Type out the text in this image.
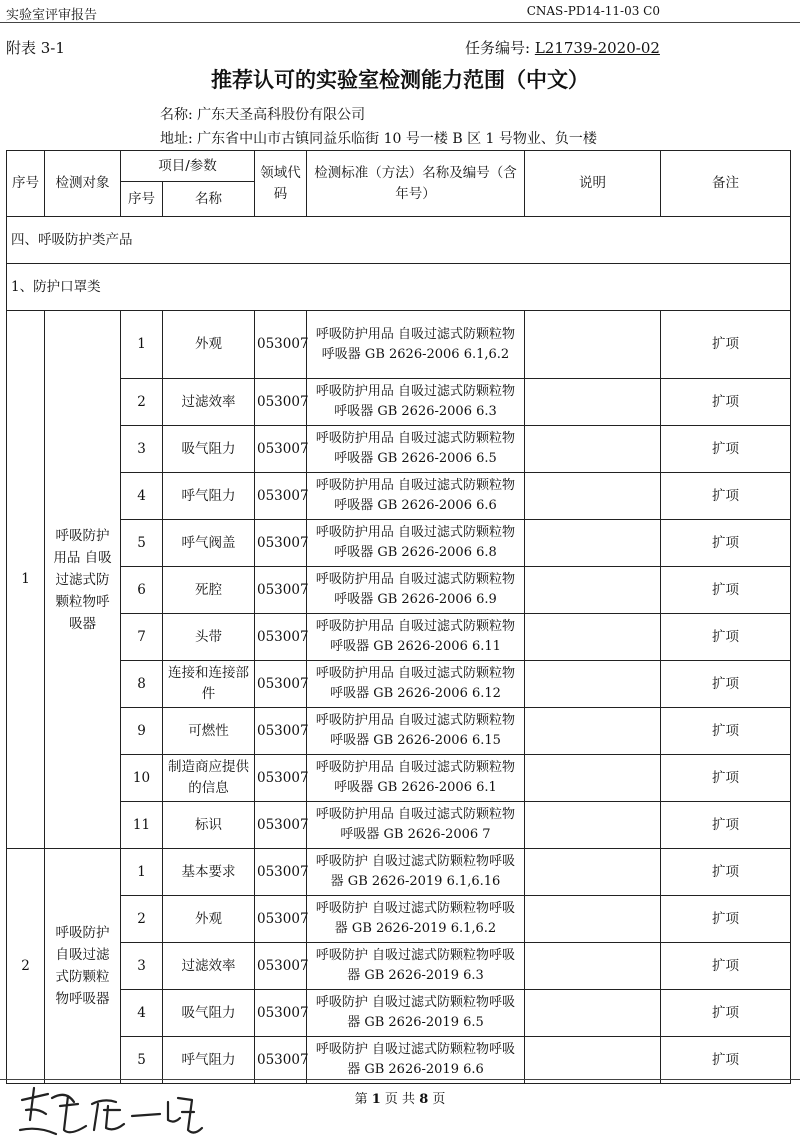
实验室评审报告	CNAS-PD14-11-03 C0
附表 3-1	任务编号: L21739-2020-02
推荐认可的实验室检测能力范围（中文）
名称: 广东天圣高科股份有限公司
地址: 广东省中山市古镇同益乐临街 10 号一楼 B 区 1 号物业、负一楼
序号	检测对象	项目/参数		领域代码	检测标准（方法）名称及编号（含年号）	说明	备注
		序号	名称				
四、呼吸防护类产品							
1、防护口罩类							
1	呼吸防护用品 自吸过滤式防颗粒物呼吸器	1	外观	053007	呼吸防护用品 自吸过滤式防颗粒物呼吸器 GB 2626-2006 6.1,6.2		扩项
		2	过滤效率	053007	呼吸防护用品 自吸过滤式防颗粒物呼吸器 GB 2626-2006 6.3		扩项
		3	吸气阻力	053007	呼吸防护用品 自吸过滤式防颗粒物呼吸器 GB 2626-2006 6.5		扩项
		4	呼气阻力	053007	呼吸防护用品 自吸过滤式防颗粒物呼吸器 GB 2626-2006 6.6		扩项
		5	呼气阀盖	053007	呼吸防护用品 自吸过滤式防颗粒物呼吸器 GB 2626-2006 6.8		扩项
		6	死腔	053007	呼吸防护用品 自吸过滤式防颗粒物呼吸器 GB 2626-2006 6.9		扩项
		7	头带	053007	呼吸防护用品 自吸过滤式防颗粒物呼吸器 GB 2626-2006 6.11		扩项
		8	连接和连接部件	053007	呼吸防护用品 自吸过滤式防颗粒物呼吸器 GB 2626-2006 6.12		扩项
		9	可燃性	053007	呼吸防护用品 自吸过滤式防颗粒物呼吸器 GB 2626-2006 6.15		扩项
		10	制造商应提供的信息	053007	呼吸防护用品 自吸过滤式防颗粒物呼吸器 GB 2626-2006 6.1		扩项
		11	标识	053007	呼吸防护用品 自吸过滤式防颗粒物呼吸器 GB 2626-2006 7		扩项
2	呼吸防护自吸过滤式防颗粒物呼吸器	1	基本要求	053007	呼吸防护 自吸过滤式防颗粒物呼吸器 GB 2626-2019 6.1,6.16		扩项
		2	外观	053007	呼吸防护 自吸过滤式防颗粒物呼吸器 GB 2626-2019 6.1,6.2		扩项
		3	过滤效率	053007	呼吸防护 自吸过滤式防颗粒物呼吸器 GB 2626-2019 6.3		扩项
		4	吸气阻力	053007	呼吸防护 自吸过滤式防颗粒物呼吸器 GB 2626-2019 6.5		扩项
		5	呼气阻力	053007	呼吸防护 自吸过滤式防颗粒物呼吸器 GB 2626-2019 6.6		扩项
第 1 页 共 8 页
